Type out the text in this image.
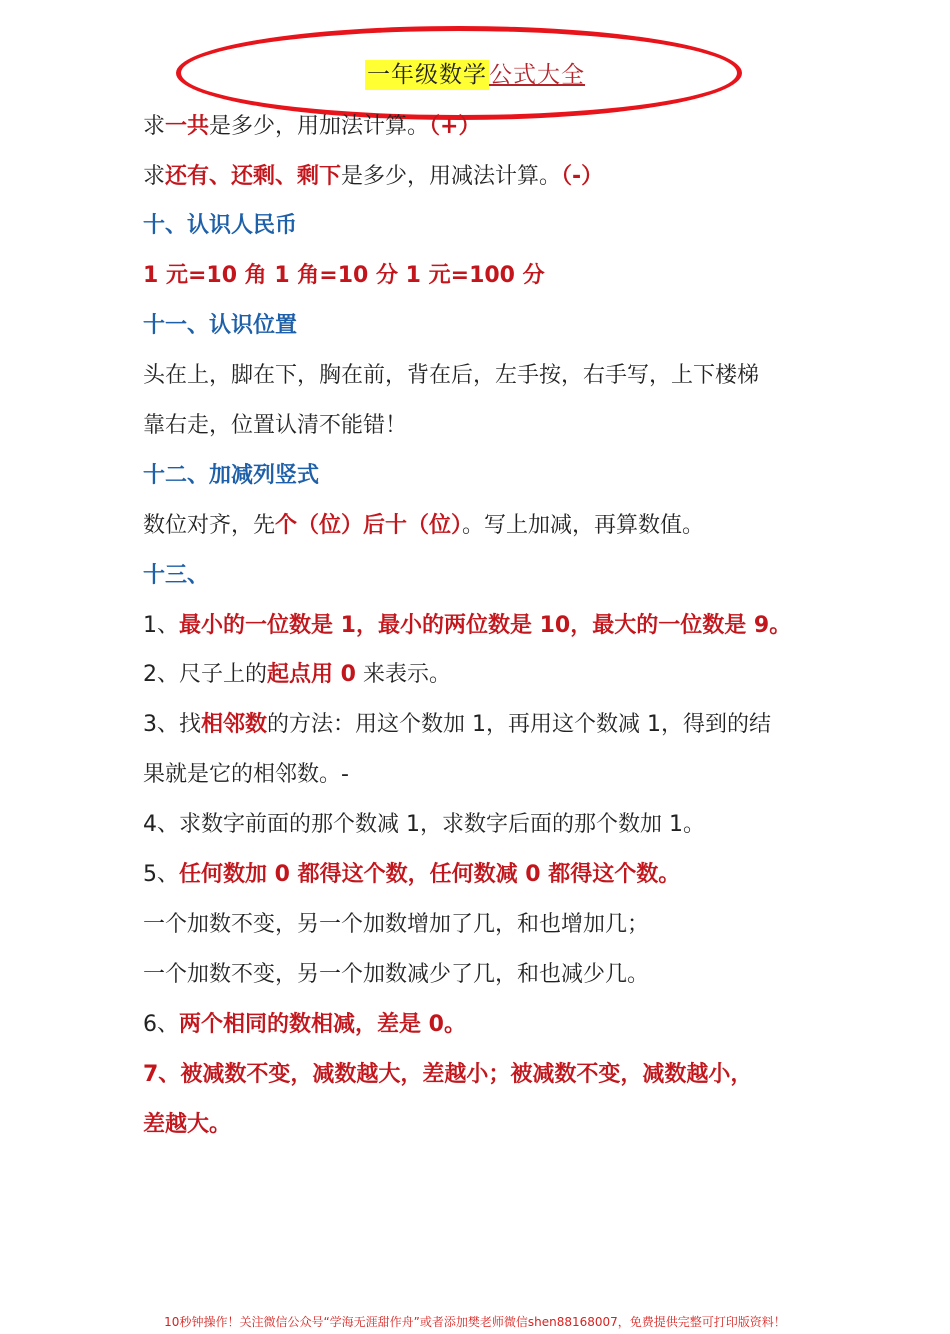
一年级数学公式大全
求一共是多少，用加法计算。（+）
求还有、还剩、剩下是多少，用减法计算。（-）
十、认识人民币
1 元=10 角 1 角=10 分 1 元=100 分
十一、认识位置
头在上，脚在下，胸在前，背在后，左手按，右手写，上下楼梯
靠右走，位置认清不能错！
十二、加减列竖式
数位对齐，先个（位）后十（位）。写上加减，再算数值。
十三、
1、最小的一位数是 1，最小的两位数是 10，最大的一位数是 9。
2、尺子上的起点用 0 来表示。
3、找相邻数的方法：用这个数加 1，再用这个数减 1，得到的结
果就是它的相邻数。-
4、求数字前面的那个数减 1，求数字后面的那个数加 1。
5、任何数加 0 都得这个数，任何数减 0 都得这个数。
一个加数不变，另一个加数增加了几，和也增加几；
一个加数不变，另一个加数减少了几，和也减少几。
6、两个相同的数相减，差是 0。
7、被减数不变，减数越大，差越小；被减数不变，减数越小，
差越大。
10秒钟操作！关注微信公众号“学海无涯甜作舟”或者添加樊老师微信shen88168007，免费提供完整可打印版资料！
